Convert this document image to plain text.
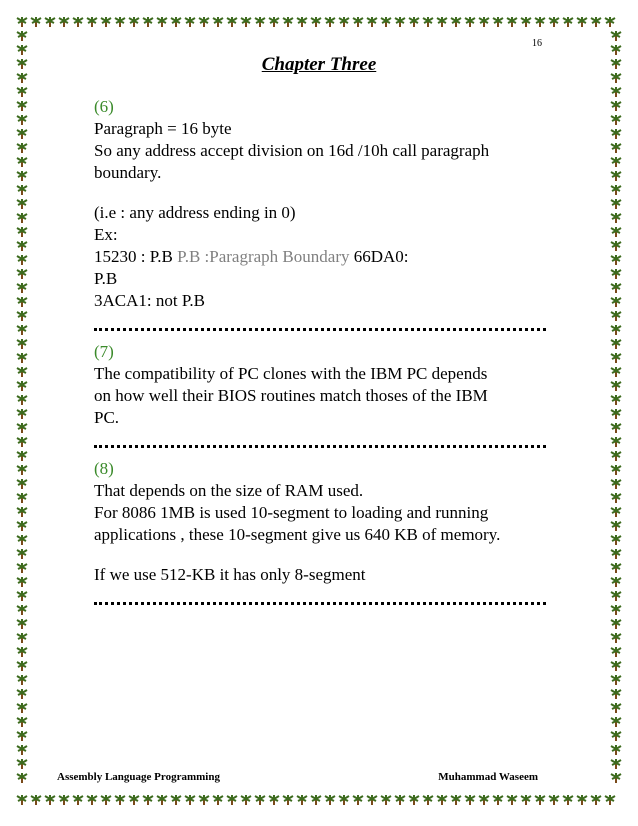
16
Chapter Three
(6)
Paragraph = 16 byte
So any address accept division on 16d /10h call paragraph
boundary.
(i.e : any address ending in 0)
Ex:
15230 : P.B P.B :Paragraph Boundary 66DA0:
P.B
3ACA1: not P.B
(7)
The compatibility of PC clones with the IBM PC depends
on how well their BIOS routines match thoses of the IBM
PC.
(8)
That depends on the size of RAM used.
For 8086 1MB is used 10-segment to loading and running
applications , these 10-segment give us 640 KB of memory.
If we use 512-KB it has only 8-segment
Assembly Language Programming	Muhammad Waseem
